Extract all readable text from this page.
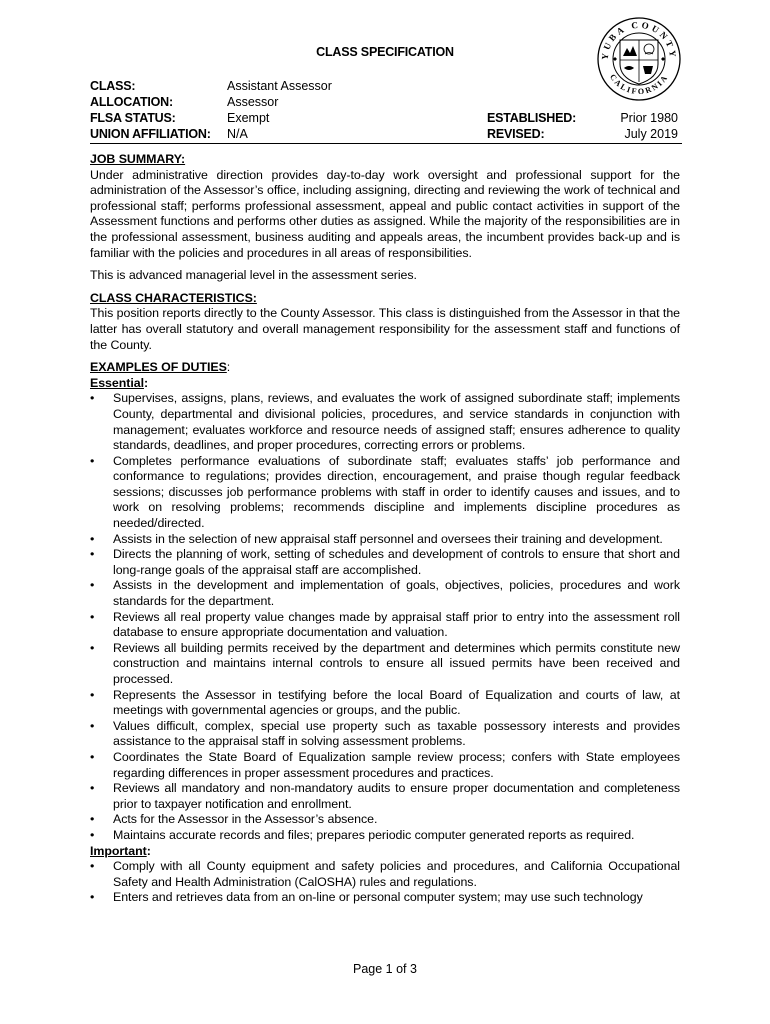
CLASS SPECIFICATION	YUBA COUNTY
CALIFORNIA
CLASS:	Assistant Assessor
ALLOCATION:	Assessor
FLSA STATUS:	Exempt
UNION AFFILIATION: N/A
ESTABLISHED:	Prior 1980
REVISED:	July 2019
JOB SUMMARY:

Under administrative direction provides day-to-day work oversight and professional support for the administration of the Assessor’s office, including assigning, directing and reviewing the work of technical and professional staff; performs professional assessment, appeal and public contact activities in support of the Assessment functions and performs other duties as assigned. While the majority of the responsibilities are in the professional assessment, business auditing and appeals areas, the incumbent provides back-up and is familiar with the policies and procedures in all areas of responsibilities.

This is advanced managerial level in the assessment series.

CLASS CHARACTERISTICS:

This position reports directly to the County Assessor. This class is distinguished from the Assessor in that the latter has overall statutory and overall management responsibility for the assessment staff and functions of the County.

EXAMPLES OF DUTIES:
Essential:
• Supervises, assigns, plans, reviews, and evaluates the work of assigned subordinate staff; implements County, departmental and divisional policies, procedures, and service standards in conjunction with management; evaluates workforce and resource needs of assigned staff; ensures adherence to quality standards, deadlines, and proper procedures, correcting errors or problems.
• Completes performance evaluations of subordinate staff; evaluates staffs’ job performance and conformance to regulations; provides direction, encouragement, and praise though regular feedback sessions; discusses job performance problems with staff in order to identify causes and issues, and to work on resolving problems; recommends discipline and implements discipline procedures as needed/directed.
• Assists in the selection of new appraisal staff personnel and oversees their training and development.
• Directs the planning of work, setting of schedules and development of controls to ensure that short and long-range goals of the appraisal staff are accomplished.
• Assists in the development and implementation of goals, objectives, policies, procedures and work standards for the department.
• Reviews all real property value changes made by appraisal staff prior to entry into the assessment roll database to ensure appropriate documentation and valuation.
• Reviews all building permits received by the department and determines which permits constitute new construction and maintains internal controls to ensure all issued permits have been received and processed.
• Represents the Assessor in testifying before the local Board of Equalization and courts of law, at meetings with governmental agencies or groups, and the public.
• Values difficult, complex, special use property such as taxable possessory interests and provides assistance to the appraisal staff in solving assessment problems.
• Coordinates the State Board of Equalization sample review process; confers with State employees regarding differences in proper assessment procedures and practices.
• Reviews all mandatory and non-mandatory audits to ensure proper documentation and completeness prior to taxpayer notification and enrollment.
• Acts for the Assessor in the Assessor’s absence.
• Maintains accurate records and files; prepares periodic computer generated reports as required.
Important:
• Comply with all County equipment and safety policies and procedures, and California Occupational Safety and Health Administration (CalOSHA) rules and regulations.
• Enters and retrieves data from an on-line or personal computer system; may use such technology
Page 1 of 3
